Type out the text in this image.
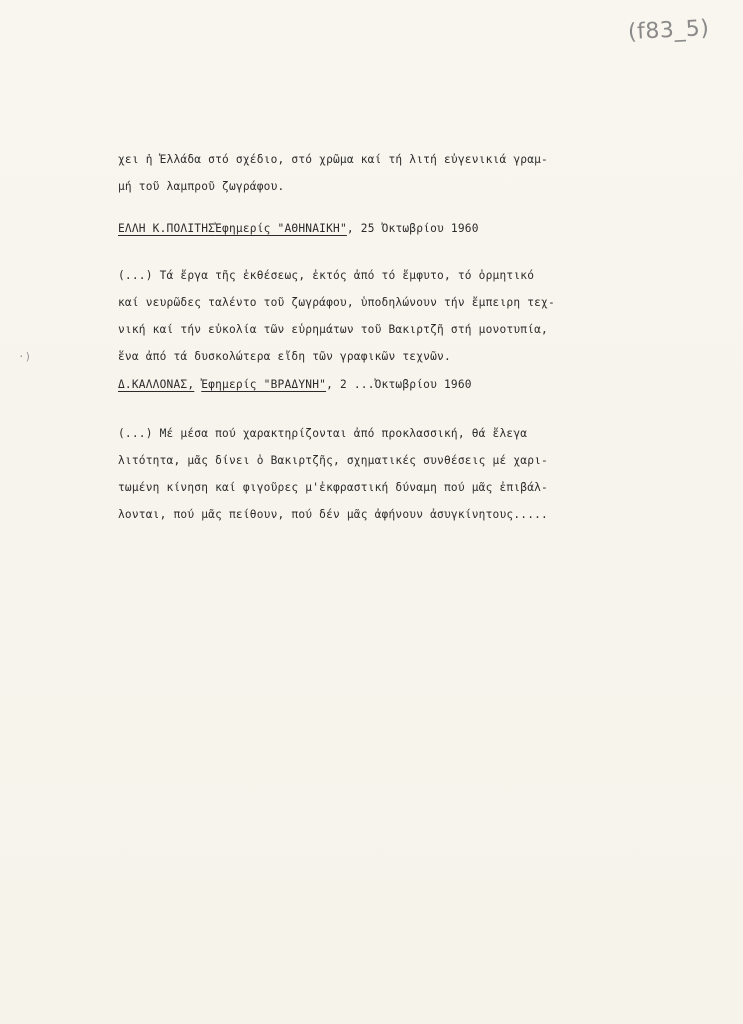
(f83_5)
·)
χει ἡ Ἑλλάδα στό σχέδιο, στό χρῶμα καί τή λιτή εὐγενικιά γραμ-
μή τοῦ λαμπροῦ ζωγράφου.
ΕΛΛΗ Κ.ΠΟΛΙΤΗΣἘφημερίς "ΑΘΗΝΑΙΚΗ", 25 Ὀκτωβρίου 1960
(...) Τά ἔργα τῆς ἐκθέσεως, ἐκτός ἀπό τό ἔμφυτο, τό ὁρμητικό
καί νευρῶδες ταλέντο τοῦ ζωγράφου, ὑποδηλώνουν τήν ἔμπειρη τεχ-
νική καί τήν εὐκολία τῶν εὑρημάτων τοῦ Βακιρτζῆ στή μονοτυπία,
ἕνα ἀπό τά δυσκολώτερα εἴδη τῶν γραφικῶν τεχνῶν.
Δ.ΚΑΛΛΟΝΑΣ, Ἐφημερίς "ΒΡΑΔΥΝΗ", 2 ...Ὀκτωβρίου 1960
(...) Μέ μέσα πού χαρακτηρίζονται ἀπό προκλασσική, θά ἔλεγα
λιτότητα, μᾶς δίνει ὁ Βακιρτζῆς, σχηματικές συνθέσεις μέ χαρι-
τωμένη κίνηση καί φιγοῦρες μ'ἐκφραστική δύναμη πού μᾶς ἐπιβάλ-
λονται, πού μᾶς πείθουν, πού δέν μᾶς ἀφήνουν ἀσυγκίνητους.....
